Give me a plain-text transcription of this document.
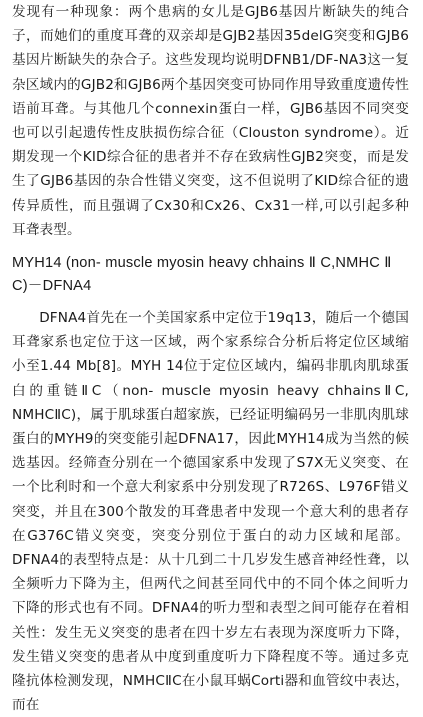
发现有一种现象：两个患病的女儿是GJB6基因片断缺失的纯合子，而她们的重度耳聋的双亲却是GJB2基因35delG突变和GJB6基因片断缺失的杂合子。这些发现均说明DFNB1/DF-NA3这一复杂区域内的GJB2和GJB6两个基因突变可协同作用导致重度遗传性语前耳聋。与其他几个connexin蛋白一样，GJB6基因不同突变也可以引起遗传性皮肤损伤综合征（Clouston syndrome）。近期发现一个KID综合征的患者并不存在致病性GJB2突变，而是发生了GJB6基因的杂合性错义突变，这不但说明了KID综合征的遗传异质性，而且强调了Cx30和Cx26、Cx31一样,可以引起多种耳聋表型。

MYH14 (non- muscle myosin heavy chhains Ⅱ C,NMHC Ⅱ C)－DFNA4

DFNA4首先在一个美国家系中定位于19q13，随后一个德国耳聋家系也定位于这一区域，两个家系综合分析后将定位区域缩小至1.44 Mb[8]。MYH 14位于定位区域内，编码非肌肉肌球蛋白的重链ⅡC（non- muscle myosin heavy chhainsⅡC, NMHCⅡC)，属于肌球蛋白超家族，已经证明编码另一非肌肉肌球蛋白的MYH9的突变能引起DFNA17，因此MYH14成为当然的候选基因。经筛查分别在一个德国家系中发现了S7X无义突变、在一个比利时和一个意大利家系中分别发现了R726S、L976F错义突变，并且在300个散发的耳聋患者中发现一个意大利的患者存在G376C错义突变，突变分别位于蛋白的动力区域和尾部。DFNA4的表型特点是：从十几到二十几岁发生感音神经性聋，以全频听力下降为主，但两代之间甚至同代中的不同个体之间听力下降的形式也有不同。DFNA4的听力型和表型之间可能存在着相关性：发生无义突变的患者在四十岁左右表现为深度听力下降，发生错义突变的患者从中度到重度听力下降程度不等。通过多克隆抗体检测发现，NMHCⅡC在小鼠耳蜗Corti器和血管纹中表达， 而在
